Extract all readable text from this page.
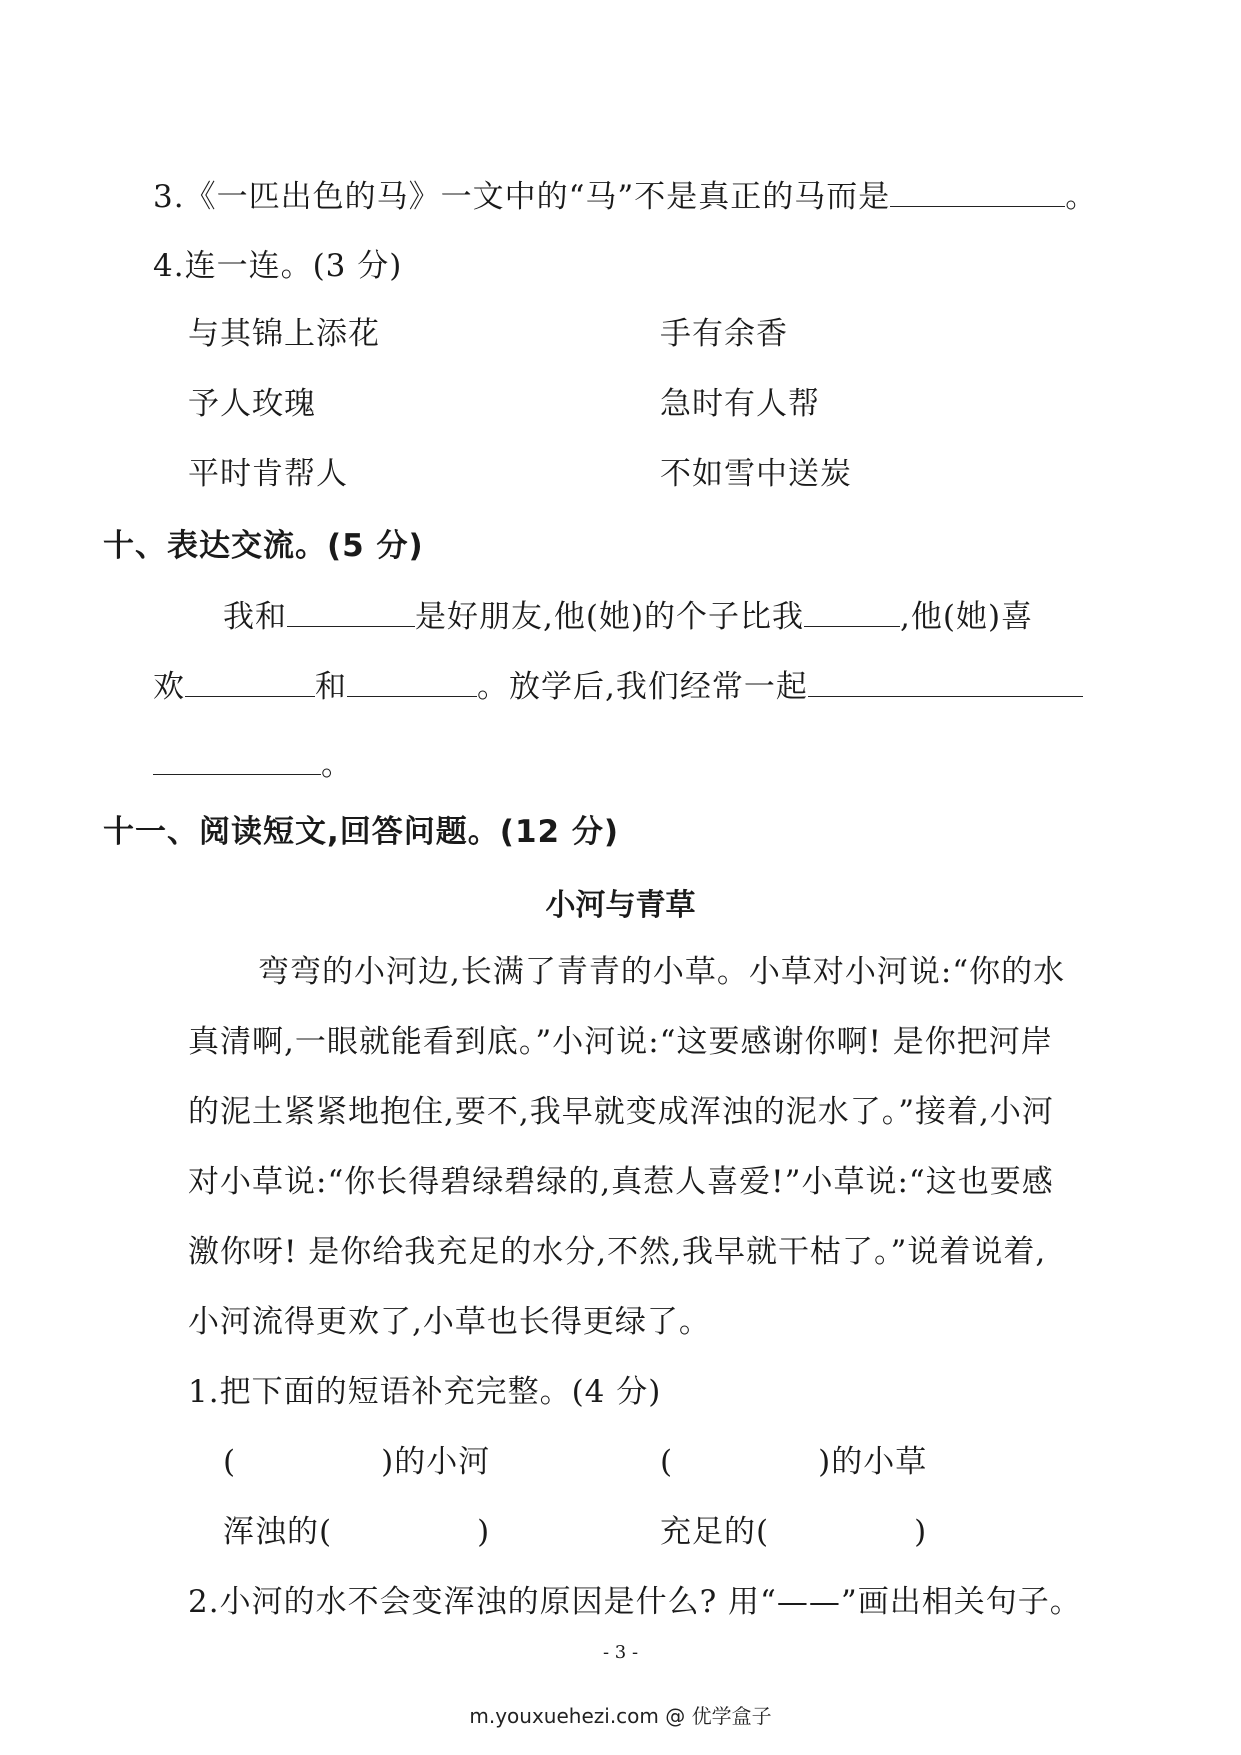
3.《一匹出色的马》一文中的“马”不是真正的马而是	。
4.连一连。(3 分)
与其锦上添花	手有余香
予人玫瑰	急时有人帮
平时肯帮人	不如雪中送炭
十、表达交流。(5 分)
我和	是好朋友,他(她)的个子比我	,他(她)喜
欢	和	。放学后,我们经常一起
。
十一、阅读短文,回答问题。(12 分)
小河与青草
弯弯的小河边,长满了青青的小草。小草对小河说:“你的水
真清啊,一眼就能看到底。”小河说:“这要感谢你啊! 是你把河岸
的泥土紧紧地抱住,要不,我早就变成浑浊的泥水了。”接着,小河
对小草说:“你长得碧绿碧绿的,真惹人喜爱!”小草说:“这也要感
激你呀! 是你给我充足的水分,不然,我早就干枯了。”说着说着,
小河流得更欢了,小草也长得更绿了。
1.把下面的短语补充完整。(4 分)
(	)的小河	(	)的小草
浑浊的(	)	充足的(	)
2.小河的水不会变浑浊的原因是什么? 用“——”画出相关句子。
- 3 -
m.youxuehezi.com @ 优学盒子
